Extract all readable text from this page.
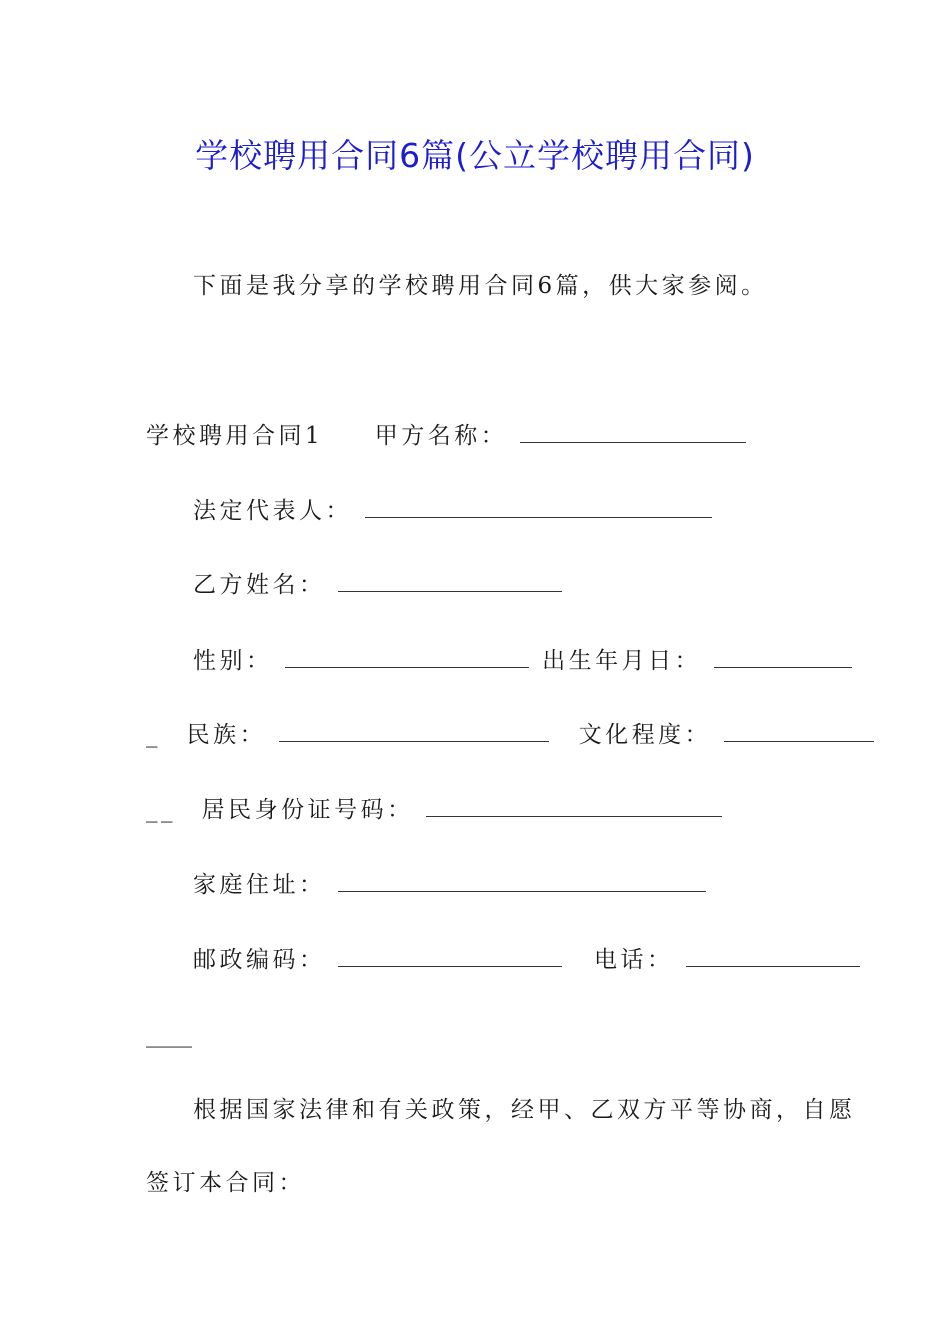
学校聘用合同6篇(公立学校聘用合同)
下面是我分享的学校聘用合同6篇，供大家参阅。
学校聘用合同1 甲方名称：
法定代表人：
乙方姓名：
性别：	出生年月日：
_ 民族：	文化程度：
__ 居民身份证号码：
家庭住址：
邮政编码：	电话：
____
根据国家法律和有关政策，经甲、乙双方平等协商，自愿
签订本合同：
